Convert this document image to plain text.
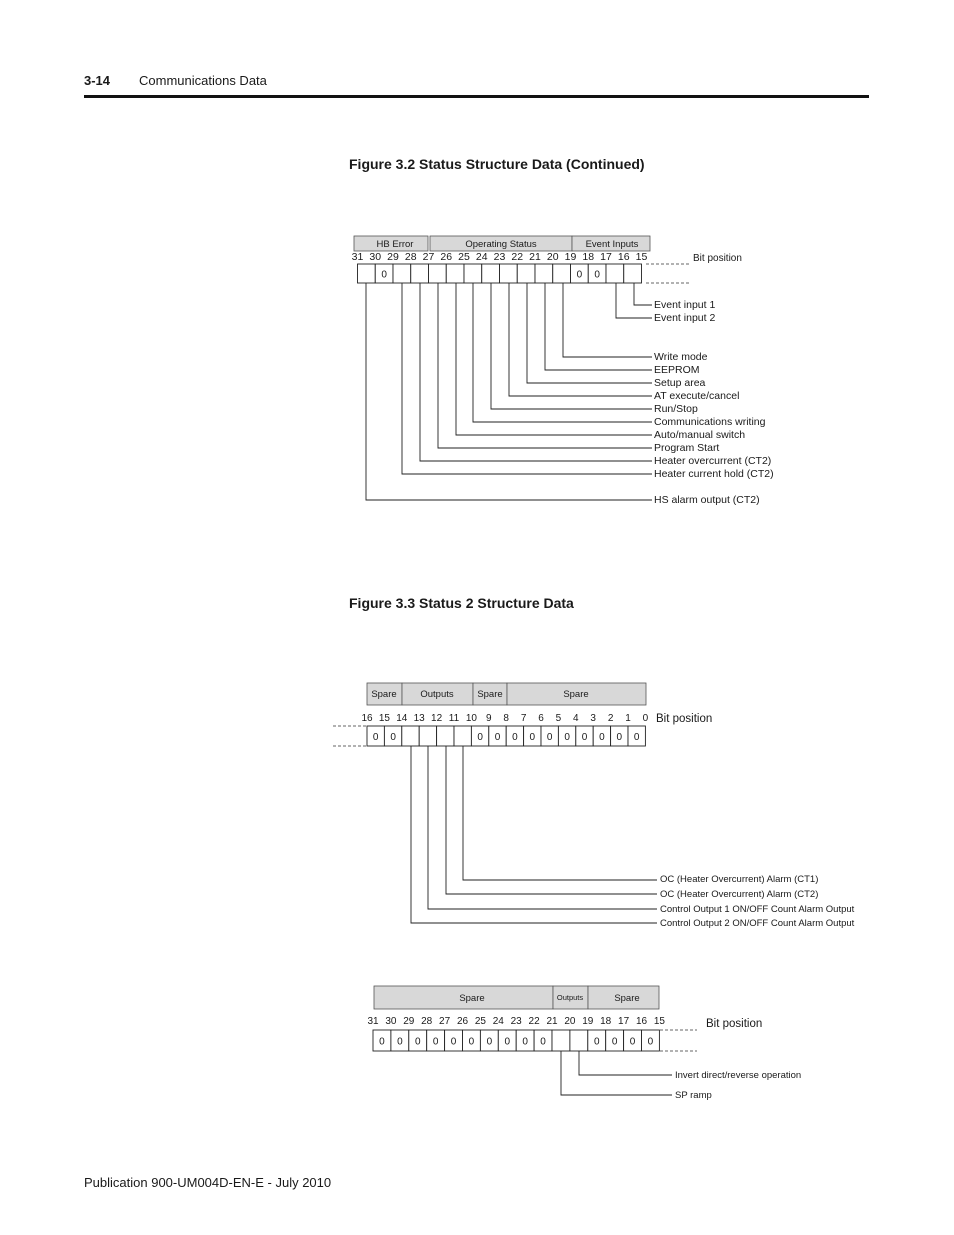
3-14 Communications Data
Figure 3.2 Status Structure Data (Continued)
Figure 3.3 Status 2 Structure Data
HB Error	Operating Status	Event Inputs
31 30 29 28 27 26 25 24 23 22 21 20 19 18 17 16 15	Bit position
0	0 0
Event input 1
Event input 2
Write mode
EEPROM
Setup area
AT execute/cancel
Run/Stop
Communications writing
Auto/manual switch
Program Start
Heater overcurrent (CT2)
Heater current hold (CT2)
HS alarm output (CT2)
Spare Outputs Spare	Spare
16 15 14 13 12 11 10 9 8 7 6 5 4 3 2 1 0 Bit position
0 0	0 0 0 0 0 0 0 0 0 0
OC (Heater Overcurrent) Alarm (CT1)
OC (Heater Overcurrent) Alarm (CT2)
Control Output 1 ON/OFF Count Alarm Output
Control Output 2 ON/OFF Count Alarm Output
Spare	Outputs	Spare
31 30 29 28 27 26 25 24 23 22 21 20 19 18 17 16 15	Bit position
0 0 0 0 0 0 0 0 0 0	0 0 0 0
Invert direct/reverse operation
SP ramp
Publication 900-UM004D-EN-E - July 2010
